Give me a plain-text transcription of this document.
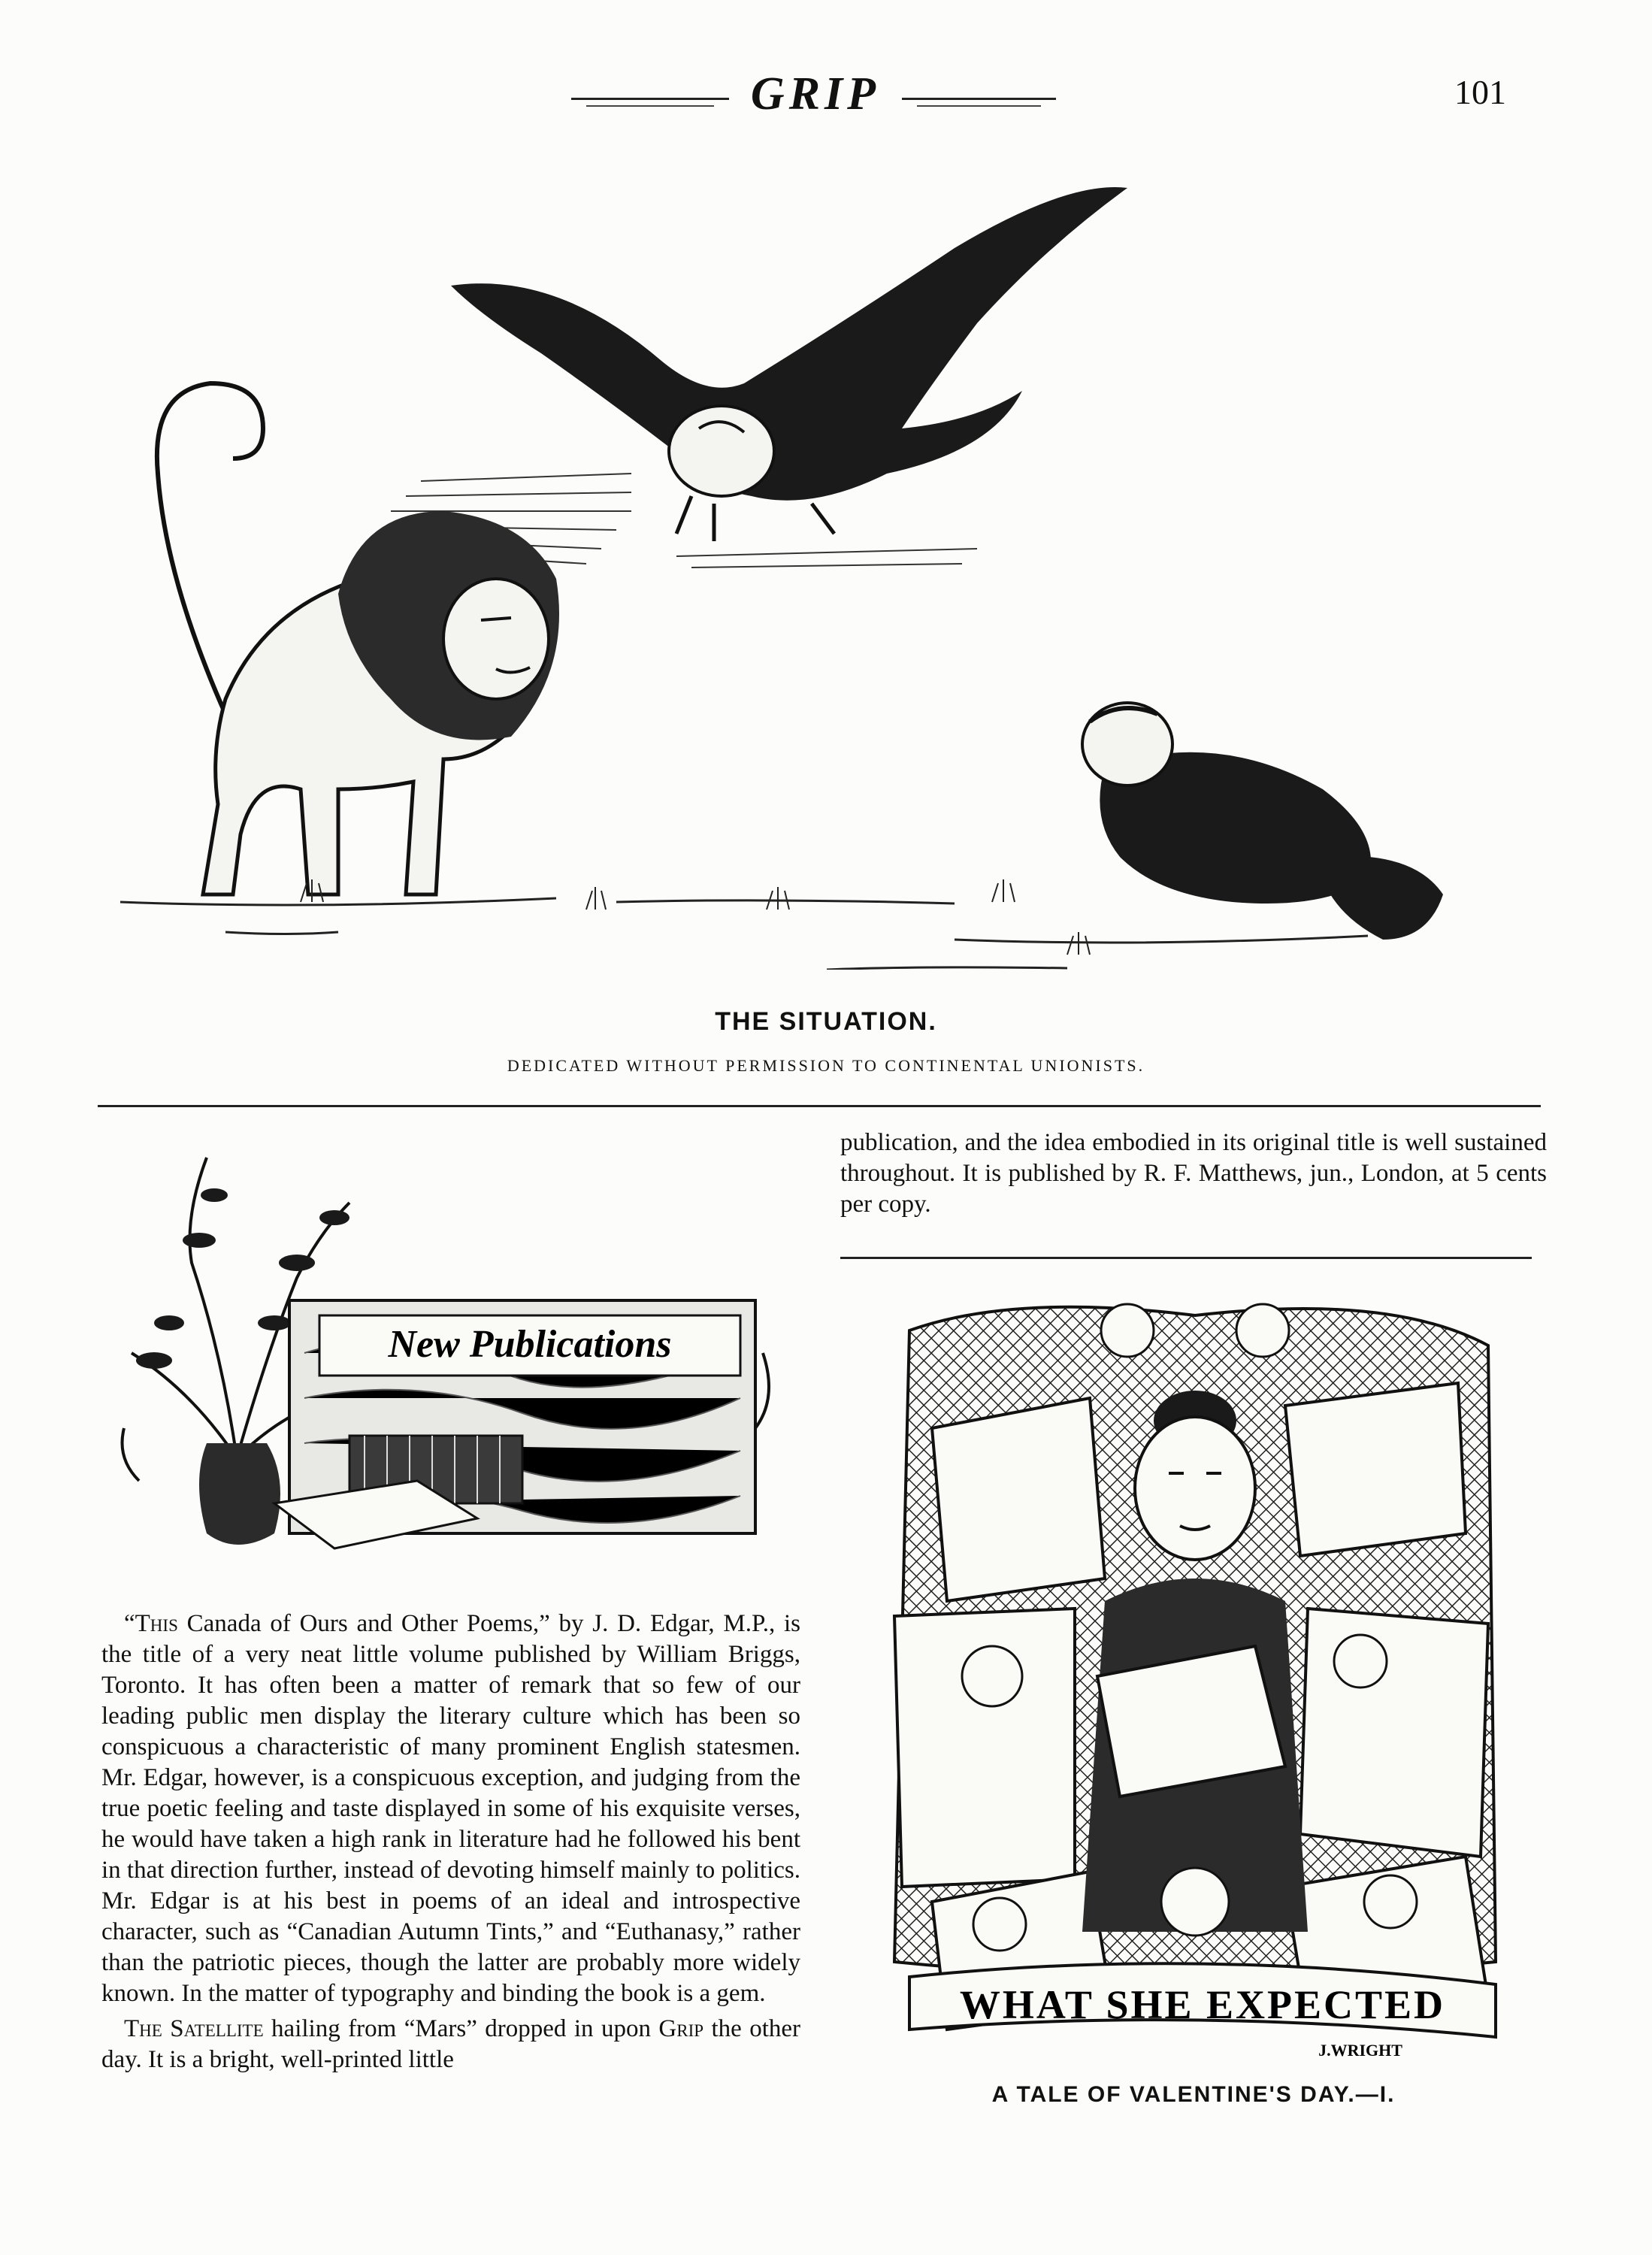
GRIP	101
THE SITUATION.
DEDICATED WITHOUT PERMISSION TO CONTINENTAL UNIONISTS.
New Publications

“This Canada of Ours and Other Poems,” by J. D. Edgar, M.P., is the title of a very neat little volume published by William Briggs, Toronto. It has often been a matter of remark that so few of our leading public men display the literary culture which has been so conspicuous a characteristic of many prominent English statesmen. Mr. Edgar, however, is a conspicuous exception, and judging from the true poetic feeling and taste displayed in some of his exquisite verses, he would have taken a high rank in literature had he followed his bent in that direction further, instead of devoting himself mainly to politics. Mr. Edgar is at his best in poems of an ideal and introspective character, such as “Canadian Autumn Tints,” and “Euthanasy,” rather than the patriotic pieces, though the latter are probably more widely known. In the matter of typography and binding the book is a gem.

The Satellite hailing from “Mars” dropped in upon Grip the other day. It is a bright, well-printed little

publication, and the idea embodied in its original title is well sustained throughout. It is published by R. F. Matthews, jun., London, at 5 cents per copy.

WHAT SHE EXPECTED
J.WRIGHT
A TALE OF VALENTINE'S DAY.—I.
